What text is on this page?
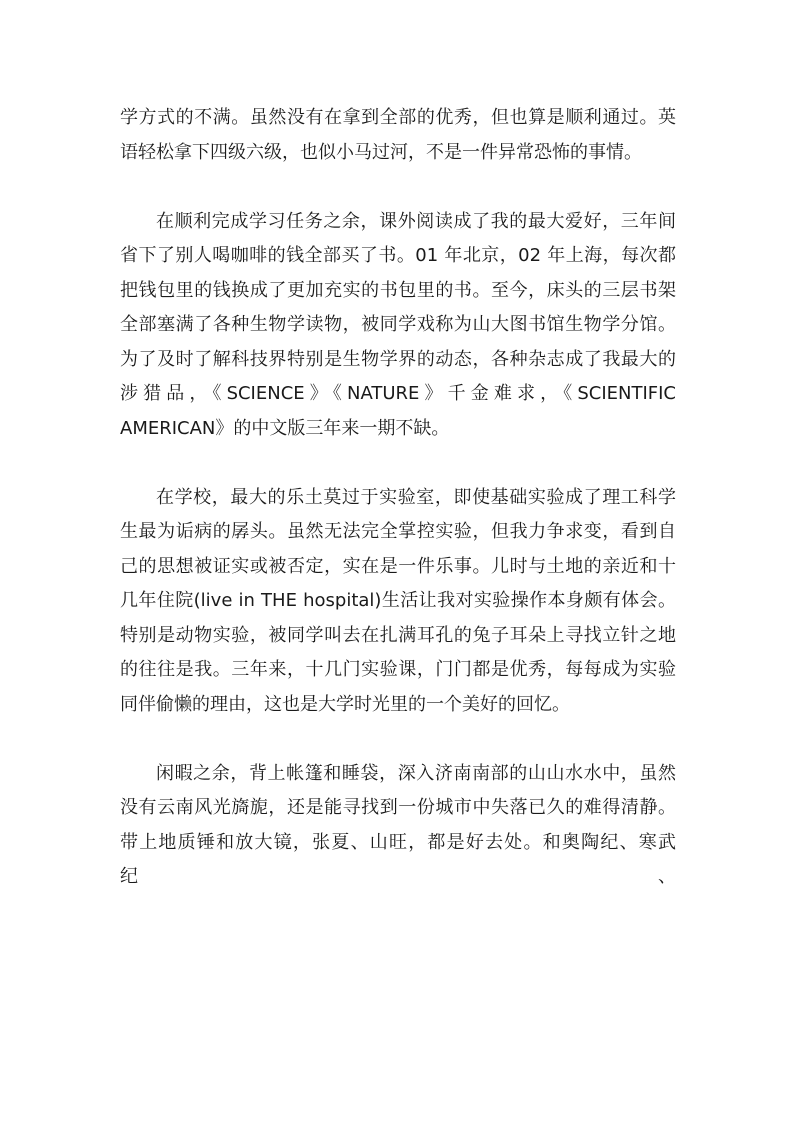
学方式的不满。虽然没有在拿到全部的优秀，但也算是顺利通过。英
语轻松拿下四级六级，也似小马过河，不是一件异常恐怖的事情。
在顺利完成学习任务之余，课外阅读成了我的最大爱好，三年间
省下了别人喝咖啡的钱全部买了书。01 年北京，02 年上海，每次都
把钱包里的钱换成了更加充实的书包里的书。至今，床头的三层书架
全部塞满了各种生物学读物，被同学戏称为山大图书馆生物学分馆。
为了及时了解科技界特别是生物学界的动态，各种杂志成了我最大的
涉猎品，《SCIENCE》《NATURE》千金难求，《SCIENTIFIC
AMERICAN》的中文版三年来一期不缺。
在学校，最大的乐土莫过于实验室，即使基础实验成了理工科学
生最为诟病的孱头。虽然无法完全掌控实验，但我力争求变，看到自
己的思想被证实或被否定，实在是一件乐事。儿时与土地的亲近和十
几年住院(live in THE hospital)生活让我对实验操作本身颇有体会。
特别是动物实验，被同学叫去在扎满耳孔的兔子耳朵上寻找立针之地
的往往是我。三年来，十几门实验课，门门都是优秀，每每成为实验
同伴偷懒的理由，这也是大学时光里的一个美好的回忆。
闲暇之余，背上帐篷和睡袋，深入济南南部的山山水水中，虽然
没有云南风光旖旎，还是能寻找到一份城市中失落已久的难得清静。
带上地质锤和放大镜，张夏、山旺，都是好去处。和奥陶纪、寒武纪、
